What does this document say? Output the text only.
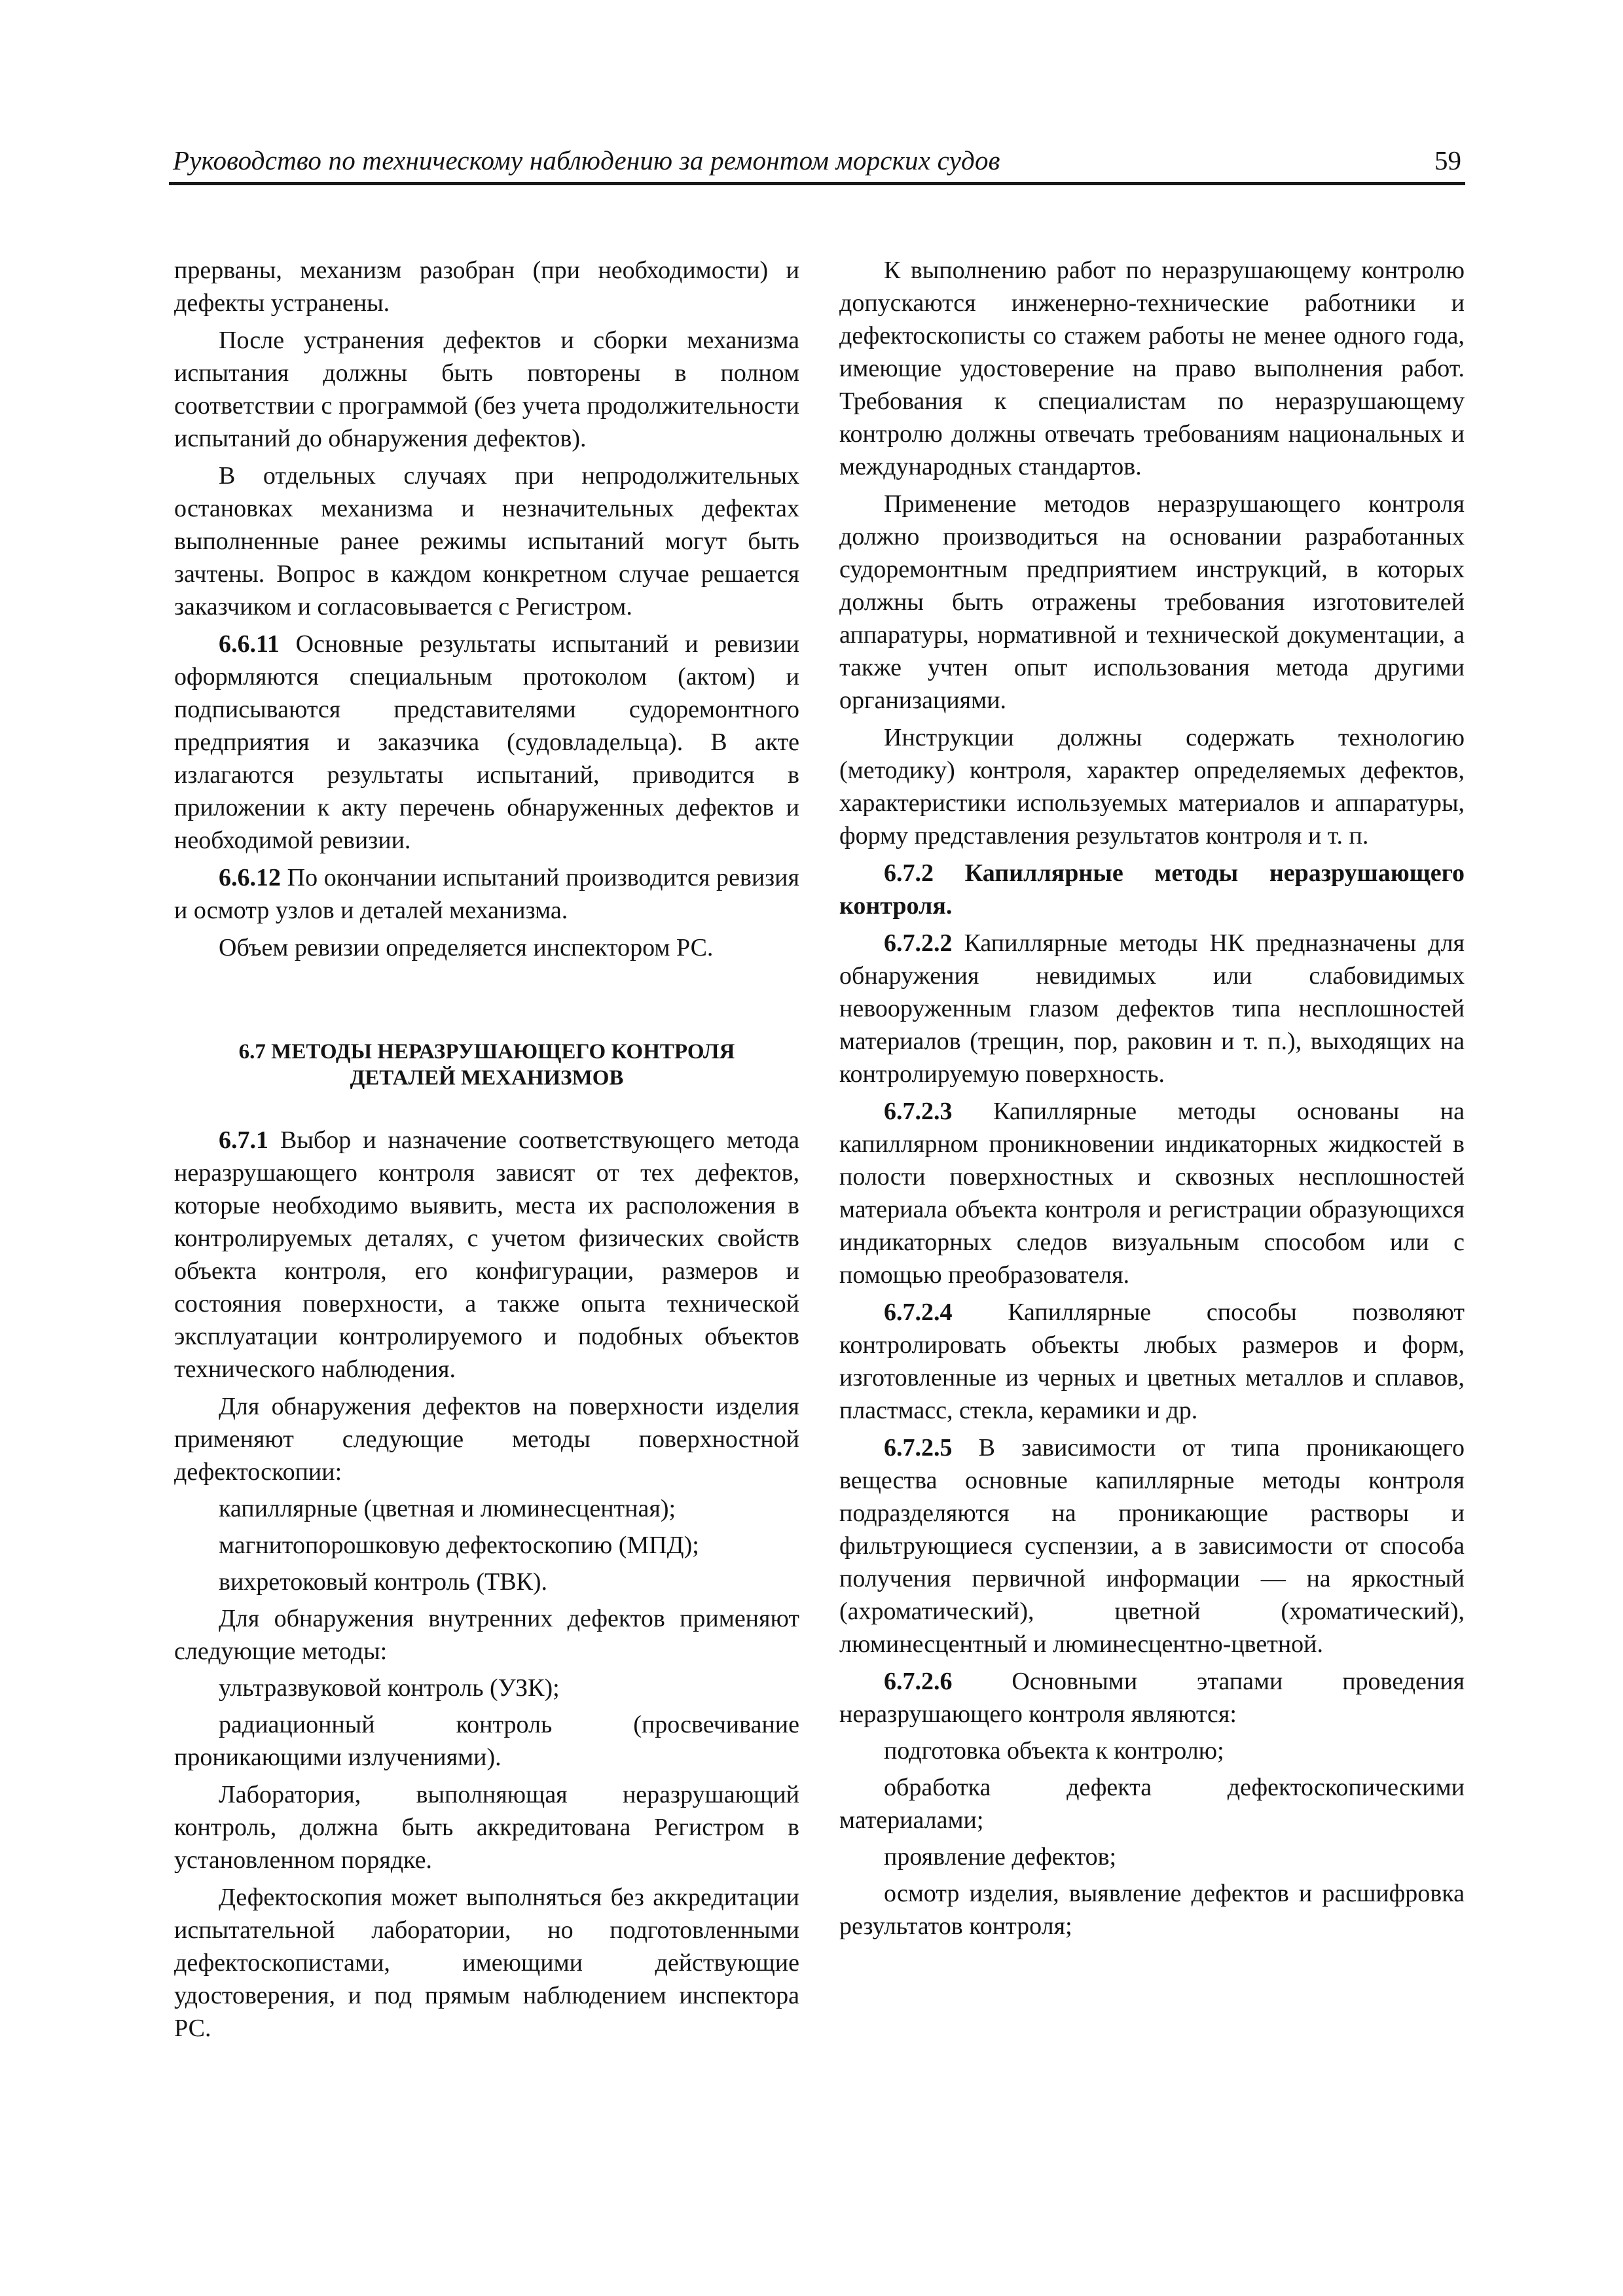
Руководство по техническому наблюдению за ремонтом морских судов	59

прерваны, механизм разобран (при необходимости) и дефекты устранены.

После устранения дефектов и сборки механизма испытания должны быть повторены в полном соответствии с программой (без учета продолжительности испытаний до обнаружения дефектов).

В отдельных случаях при непродолжительных остановках механизма и незначительных дефектах выполненные ранее режимы испытаний могут быть зачтены. Вопрос в каждом конкретном случае решается заказчиком и согласовывается с Регистром.

6.6.11 Основные результаты испытаний и ревизии оформляются специальным протоколом (актом) и подписываются представителями судоремонтного предприятия и заказчика (судовладельца). В акте излагаются результаты испытаний, приводится в приложении к акту перечень обнаруженных дефектов и необходимой ревизии.

6.6.12 По окончании испытаний производится ревизия и осмотр узлов и деталей механизма.

Объем ревизии определяется инспектором РС.

6.7 МЕТОДЫ НЕРАЗРУШАЮЩЕГО КОНТРОЛЯ
ДЕТАЛЕЙ МЕХАНИЗМОВ

6.7.1 Выбор и назначение соответствующего метода неразрушающего контроля зависят от тех дефектов, которые необходимо выявить, места их расположения в контролируемых деталях, с учетом физических свойств объекта контроля, его конфигурации, размеров и состояния поверхности, а также опыта технической эксплуатации контролируемого и подобных объектов технического наблюдения.

Для обнаружения дефектов на поверхности изделия применяют следующие методы поверхностной дефектоскопии:

капиллярные (цветная и люминесцентная);

магнитопорошковую дефектоскопию (МПД);

вихретоковый контроль (ТВК).

Для обнаружения внутренних дефектов применяют следующие методы:

ультразвуковой контроль (УЗК);

радиационный контроль (просвечивание проникающими излучениями).

Лаборатория, выполняющая неразрушающий контроль, должна быть аккредитована Регистром в установленном порядке.

Дефектоскопия может выполняться без аккредитации испытательной лаборатории, но подготовленными дефектоскопистами, имеющими действующие удостоверения, и под прямым наблюдением инспектора РС.

К выполнению работ по неразрушающему контролю допускаются инженерно-технические работники и дефектоскописты со стажем работы не менее одного года, имеющие удостоверение на право выполнения работ. Требования к специалистам по неразрушающему контролю должны отвечать требованиям национальных и международных стандартов.

Применение методов неразрушающего контроля должно производиться на основании разработанных судоремонтным предприятием инструкций, в которых должны быть отражены требования изготовителей аппаратуры, нормативной и технической документации, а также учтен опыт использования метода другими организациями.

Инструкции должны содержать технологию (методику) контроля, характер определяемых дефектов, характеристики используемых материалов и аппаратуры, форму представления результатов контроля и т. п.

6.7.2 Капиллярные методы неразрушающего контроля.

6.7.2.2 Капиллярные методы НК предназначены для обнаружения невидимых или слабовидимых невооруженным глазом дефектов типа несплошностей материалов (трещин, пор, раковин и т. п.), выходящих на контролируемую поверхность.

6.7.2.3 Капиллярные методы основаны на капиллярном проникновении индикаторных жидкостей в полости поверхностных и сквозных несплошностей материала объекта контроля и регистрации образующихся индикаторных следов визуальным способом или с помощью преобразователя.

6.7.2.4 Капиллярные способы позволяют контролировать объекты любых размеров и форм, изготовленные из черных и цветных металлов и сплавов, пластмасс, стекла, керамики и др.

6.7.2.5 В зависимости от типа проникающего вещества основные капиллярные методы контроля подразделяются на проникающие растворы и фильтрующиеся суспензии, а в зависимости от способа получения первичной информации — на яркостный (ахроматический), цветной (хроматический), люминесцентный и люминесцентно-цветной.

6.7.2.6 Основными этапами проведения неразрушающего контроля являются:

подготовка объекта к контролю;

обработка дефекта дефектоскопическими материалами;

проявление дефектов;

осмотр изделия, выявление дефектов и расшифровка результатов контроля;
